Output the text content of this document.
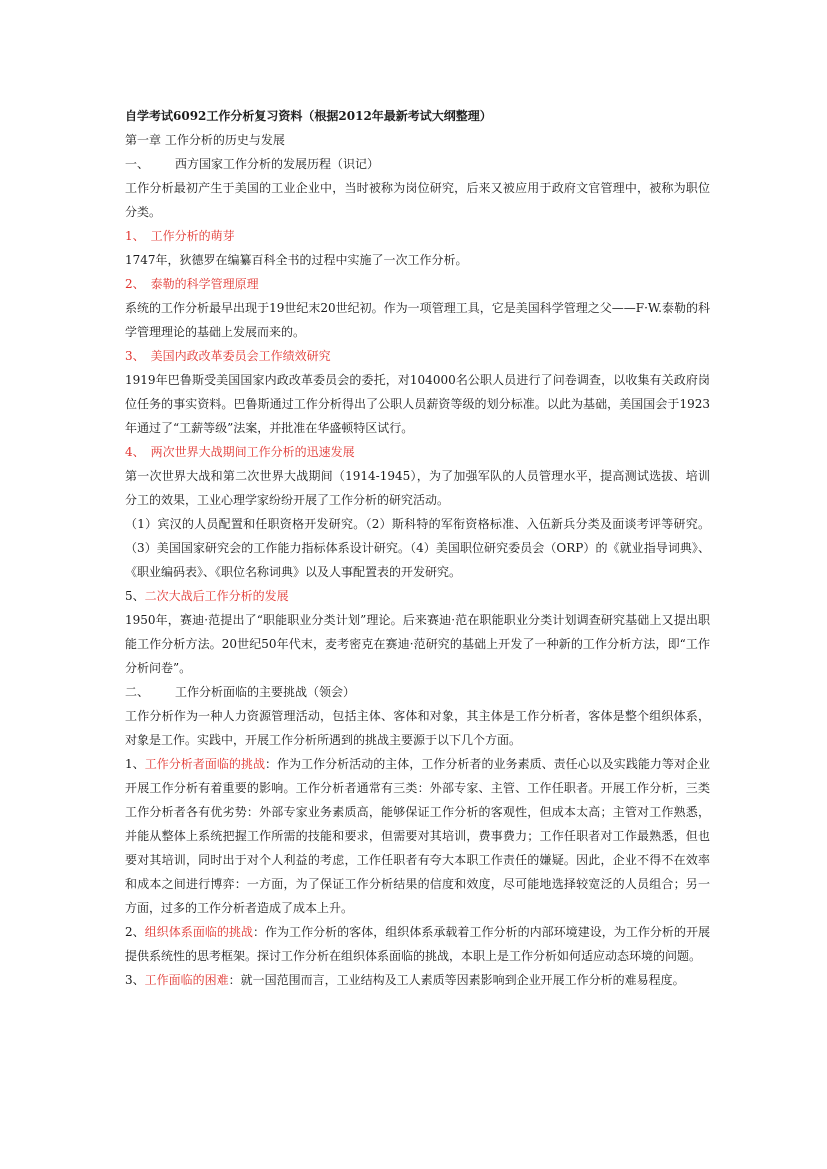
自学考试6092工作分析复习资料（根据2012年最新考试大纲整理）

第一章 工作分析的历史与发展

一、 西方国家工作分析的发展历程（识记）

工作分析最初产生于美国的工业企业中，当时被称为岗位研究，后来又被应用于政府文官管理中，被称为职位分类。

1、　工作分析的萌芽

1747年，狄德罗在编纂百科全书的过程中实施了一次工作分析。

2、　泰勒的科学管理原理

系统的工作分析最早出现于19世纪末20世纪初。作为一项管理工具，它是美国科学管理之父——F·W.泰勒的科学管理理论的基础上发展而来的。

3、　美国内政改革委员会工作绩效研究

1919年巴鲁斯受美国国家内政改革委员会的委托，对104000名公职人员进行了问卷调查，以收集有关政府岗位任务的事实资料。巴鲁斯通过工作分析得出了公职人员薪资等级的划分标准。以此为基础，美国国会于1923年通过了“工薪等级”法案，并批准在华盛顿特区试行。

4、　两次世界大战期间工作分析的迅速发展

第一次世界大战和第二次世界大战期间（1914-1945），为了加强军队的人员管理水平，提高测试选拔、培训分工的效果，工业心理学家纷纷开展了工作分析的研究活动。

（1）宾汉的人员配置和任职资格开发研究。（2）斯科特的军衔资格标准、入伍新兵分类及面谈考评等研究。（3）美国国家研究会的工作能力指标体系设计研究。（4）美国职位研究委员会（ORP）的《就业指导词典》、《职业编码表》、《职位名称词典》以及人事配置表的开发研究。

5、二次大战后工作分析的发展

1950年，赛迪·范提出了“职能职业分类计划”理论。后来赛迪·范在职能职业分类计划调查研究基础上又提出职能工作分析方法。20世纪50年代末，麦考密克在赛迪·范研究的基础上开发了一种新的工作分析方法，即“工作分析问卷”。

二、 工作分析面临的主要挑战（领会）

工作分析作为一种人力资源管理活动，包括主体、客体和对象，其主体是工作分析者，客体是整个组织体系，对象是工作。实践中，开展工作分析所遇到的挑战主要源于以下几个方面。

1、工作分析者面临的挑战：作为工作分析活动的主体，工作分析者的业务素质、责任心以及实践能力等对企业开展工作分析有着重要的影响。工作分析者通常有三类：外部专家、主管、工作任职者。开展工作分析，三类工作分析者各有优劣势：外部专家业务素质高，能够保证工作分析的客观性，但成本太高；主管对工作熟悉，并能从整体上系统把握工作所需的技能和要求，但需要对其培训，费事费力；工作任职者对工作最熟悉，但也要对其培训，同时出于对个人利益的考虑，工作任职者有夸大本职工作责任的嫌疑。因此，企业不得不在效率和成本之间进行博弈：一方面，为了保证工作分析结果的信度和效度，尽可能地选择较宽泛的人员组合；另一方面，过多的工作分析者造成了成本上升。

2、组织体系面临的挑战：作为工作分析的客体，组织体系承载着工作分析的内部环境建设，为工作分析的开展提供系统性的思考框架。探讨工作分析在组织体系面临的挑战，本职上是工作分析如何适应动态环境的问题。

3、工作面临的困难：就一国范围而言，工业结构及工人素质等因素影响到企业开展工作分析的难易程度。
